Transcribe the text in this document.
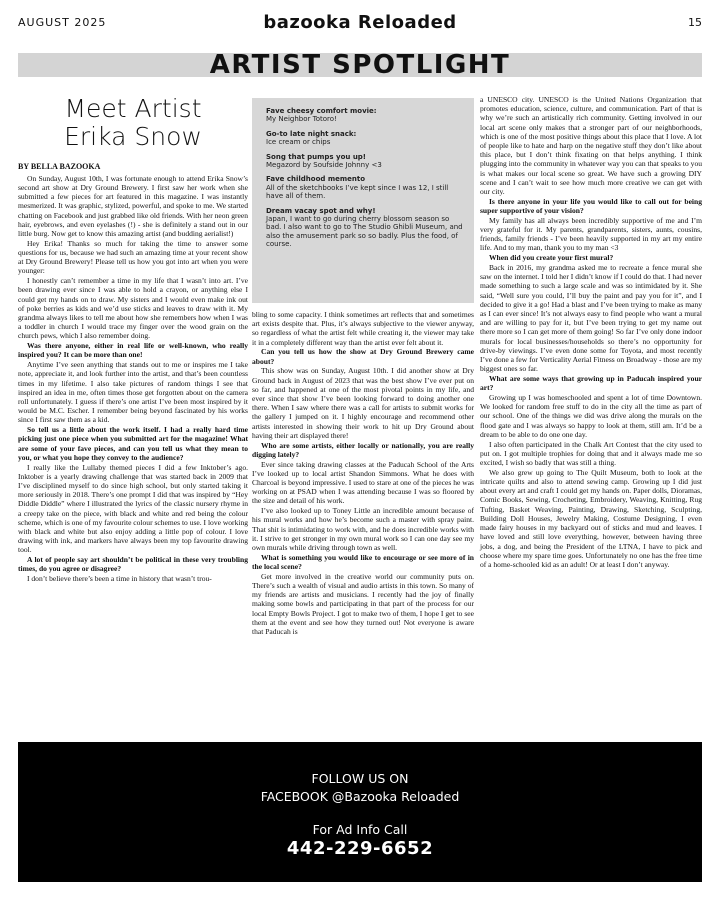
AUGUST 2025	bazooka Reloaded	15
ARTIST SPOTLIGHT
Meet Artist
Erika Snow
BY BELLA BAZOOKA

On Sunday, August 10th, I was fortunate enough to attend Erika Snow’s second art show at Dry Ground Brewery. I first saw her work when she submitted a few pieces for art featured in this magazine. I was instantly mesmerized. It was graphic, stylized, powerful, and spoke to me. We started chatting on Facebook and just grabbed like old friends. With her neon green hair, eyebrows, and even eyelashes (!) - she is definitely a stand out in our little burg. Now get to know this amazing artist (and budding aerialist!)

Hey Erika! Thanks so much for taking the time to answer some questions for us, because we had such an amazing time at your recent show at Dry Ground Brewery! Please tell us how you got into art when you were younger:

I honestly can’t remember a time in my life that I wasn’t into art. I’ve been drawing ever since I was able to hold a crayon, or anything else I could get my hands on to draw. My sisters and I would even make ink out of poke berries as kids and we’d use sticks and leaves to draw with it. My grandma always likes to tell me about how she remembers how when I was a toddler in church I would trace my finger over the wood grain on the church pews, which I also remember doing.

Was there anyone, either in real life or well-known, who really inspired you? It can be more than one!

Anytime I’ve seen anything that stands out to me or inspires me I take note, appreciate it, and look further into the artist, and that’s been countless times in my lifetime. I also take pictures of random things I see that inspired an idea in me, often times those get forgotten about on the camera roll unfortunately. I guess if there’s one artist I’ve been most inspired by it would be M.C. Escher. I remember being beyond fascinated by his works since I first saw them as a kid.

So tell us a little about the work itself. I had a really hard time picking just one piece when you submitted art for the magazine! What are some of your fave pieces, and can you tell us what they mean to you, or what you hope they convey to the audience?

I really like the Lullaby themed pieces I did a few Inktober’s ago. Inktober is a yearly drawing challenge that was started back in 2009 that I’ve disciplined myself to do since high school, but only started taking it more seriously in 2018. There’s one prompt I did that was inspired by “Hey Diddle Diddle” where I illustrated the lyrics of the classic nursery rhyme in a creepy take on the piece, with black and white and red being the colour scheme, which is one of my favourite colour schemes to use. I love working with black and white but also enjoy adding a little pop of colour. I love drawing with ink, and markers have always been my top favourite drawing tool.

A lot of people say art shouldn’t be political in these very troubling times, do you agree or disagree?

I don’t believe there’s been a time in history that wasn’t trou-

Fave cheesy comfort movie:
My Neighbor Totoro!
Go-to late night snack:
Ice cream or chips
Song that pumps you up!
Megazord by Soufside Johnny <3
Fave childhood memento
All of the sketchbooks I’ve kept since I was 12, I still have all of them.
Dream vacay spot and why!
Japan, I want to go during cherry blossom season so bad. I also want to go to The Studio Ghibli Museum, and also the amusement park so so badly. Plus the food, of course.

bling to some capacity. I think sometimes art reflects that and sometimes art exists despite that. Plus, it’s always subjective to the viewer anyway, so regardless of what the artist felt while creating it, the viewer may take it in a completely different way than the artist ever felt about it.

Can you tell us how the show at Dry Ground Brewery came about?

This show was on Sunday, August 10th. I did another show at Dry Ground back in August of 2023 that was the best show I’ve ever put on so far, and happened at one of the most pivotal points in my life, and ever since that show I’ve been looking forward to doing another one there. When I saw where there was a call for artists to submit works for the gallery I jumped on it. I highly encourage and recommend other artists interested in showing their work to hit up Dry Ground about having their art displayed there!

Who are some artists, either locally or nationally, you are really digging lately?

Ever since taking drawing classes at the Paducah School of the Arts I’ve looked up to local artist Shandon Simmons. What he does with Charcoal is beyond impressive. I used to stare at one of the pieces he was working on at PSAD when I was attending because I was so floored by the size and detail of his work.

I’ve also looked up to Toney Little an incredible amount because of his mural works and how he’s become such a master with spray paint. That shit is intimidating to work with, and he does incredible works with it. I strive to get stronger in my own mural work so I can one day see my own murals while driving through town as well.

What is something you would like to encourage or see more of in the local scene?

Get more involved in the creative world our community puts on. There’s such a wealth of visual and audio artists in this town. So many of my friends are artists and musicians. I recently had the joy of finally making some bowls and participating in that part of the process for our local Empty Bowls Project. I got to make two of them, I hope I get to see them at the event and see how they turned out! Not everyone is aware that Paducah is

a UNESCO city. UNESCO is the United Nations Organization that promotes education, science, culture, and communication. Part of that is why we’re such an artistically rich community. Getting involved in our local art scene only makes that a stronger part of our neighborhoods, which is one of the most positive things about this place that I love. A lot of people like to hate and harp on the negative stuff they don’t like about this place, but I don’t think fixating on that helps anything. I think plugging into the community in whatever way you can that speaks to you is what makes our local scene so great. We have such a growing DIY scene and I can’t wait to see how much more creative we can get with our city.

Is there anyone in your life you would like to call out for being super supportive of your vision?

My family has all always been incredibly supportive of me and I’m very grateful for it. My parents, grandparents, sisters, aunts, cousins, friends, family friends - I’ve been heavily supported in my art my entire life. And to my man, thank you to my man <3

When did you create your first mural?

Back in 2016, my grandma asked me to recreate a fence mural she saw on the internet. I told her I didn’t know if I could do that. I had never made something to such a large scale and was so intimidated by it. She said, “Well sure you could, I’ll buy the paint and pay you for it”, and I decided to give it a go! Had a blast and I’ve been trying to make as many as I can ever since! It’s not always easy to find people who want a mural and are willing to pay for it, but I’ve been trying to get my name out there more so I can get more of them going! So far I’ve only done indoor murals for local businesses/households so there’s no opportunity for drive-by viewings. I’ve even done some for Toyota, and most recently I’ve done a few for Verticality Aerial Fitness on Broadway - those are my biggest ones so far.

What are some ways that growing up in Paducah inspired your art?

Growing up I was homeschooled and spent a lot of time Downtown. We looked for random free stuff to do in the city all the time as part of our school. One of the things we did was drive along the murals on the flood gate and I was always so happy to look at them, still am. It’d be a dream to be able to do one one day.

I also often participated in the Chalk Art Contest that the city used to put on. I got multiple trophies for doing that and it always made me so excited, I wish so badly that was still a thing.

We also grew up going to The Quilt Museum, both to look at the intricate quilts and also to attend sewing camp. Growing up I did just about every art and craft I could get my hands on. Paper dolls, Dioramas, Comic Books, Sewing, Crocheting, Embroidery, Weaving, Knitting, Rug Tufting, Basket Weaving, Painting, Drawing, Sketching, Sculpting, Building Doll Houses, Jewelry Making, Costume Designing, I even made fairy houses in my backyard out of sticks and mud and leaves. I have loved and still love everything, however, between having three jobs, a dog, and being the President of the LTNA, I have to pick and choose where my spare time goes. Unfortunately no one has the free time of a home-schooled kid as an adult! Or at least I don’t anyway.

FOLLOW US ON
FACEBOOK @Bazooka Reloaded
For Ad Info Call
442-229-6652
